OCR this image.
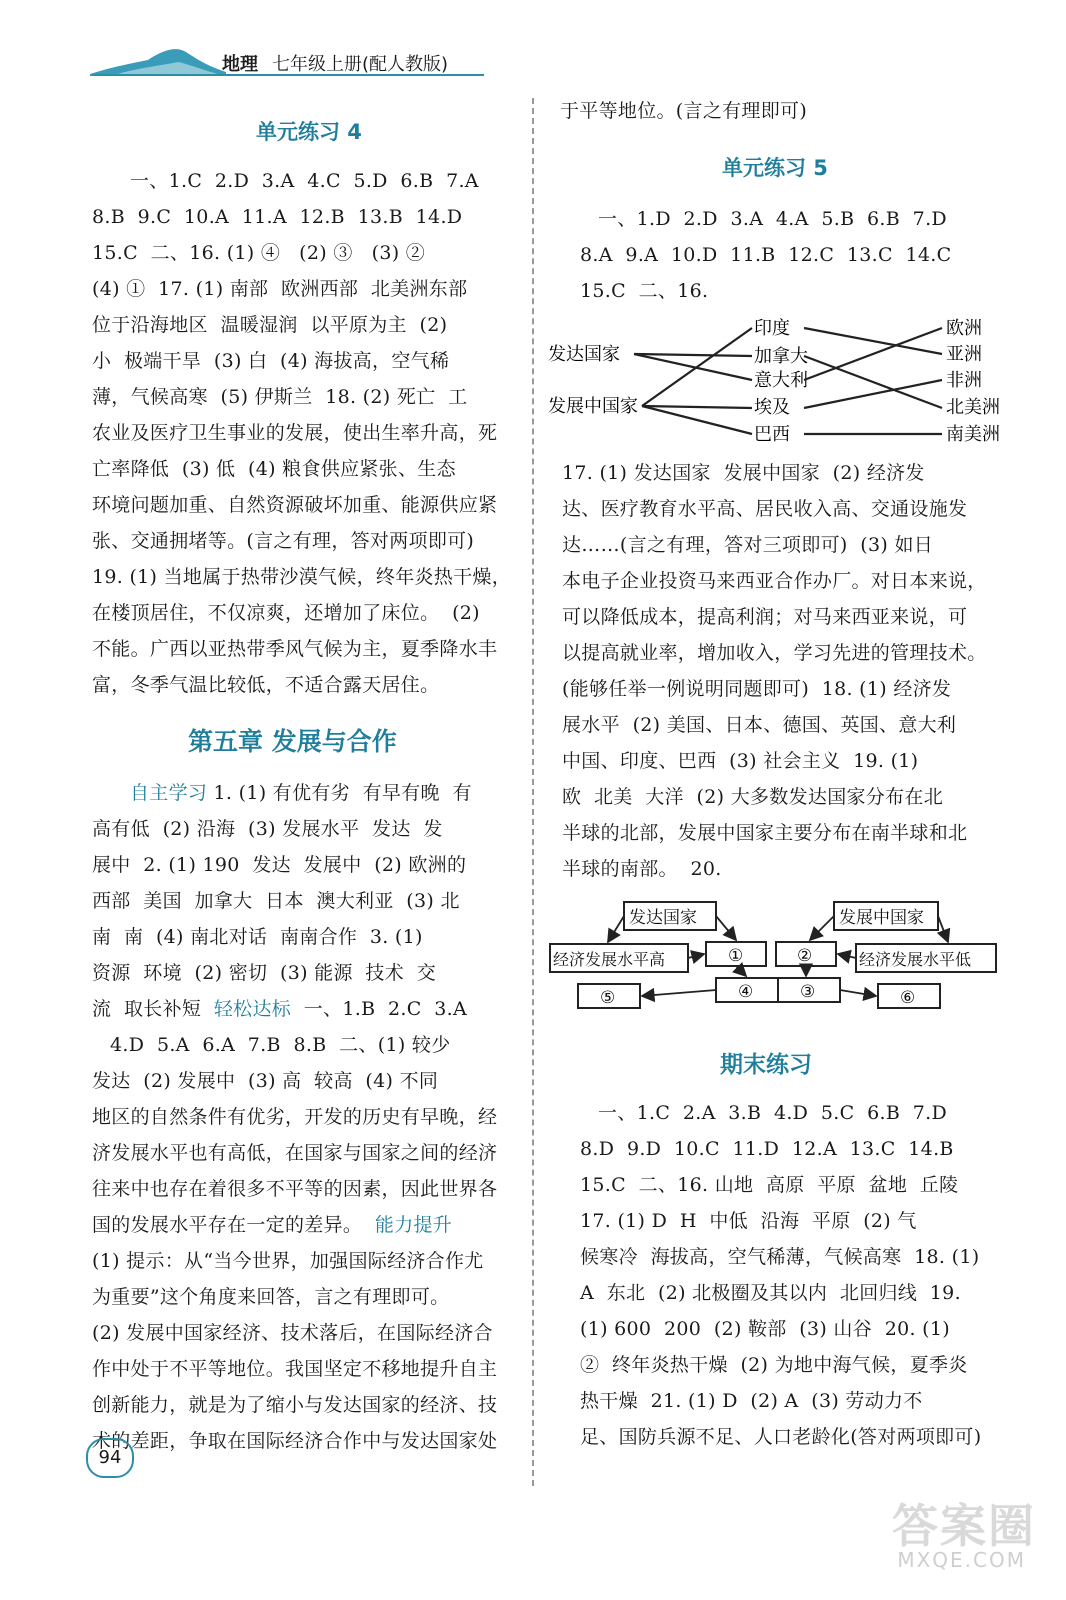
地理 七年级上册(配人教版)
单元练习 4
一、1.C  2.D  3.A  4.C  5.D  6.B  7.A
8.B  9.C  10.A  11.A  12.B  13.B  14.D
15.C  二、16. (1) ④   (2) ③   (3) ②
(4) ①  17. (1) 南部  欧洲西部  北美洲东部
位于沿海地区  温暖湿润  以平原为主  (2)
小  极端干旱  (3) 白  (4) 海拔高，空气稀
薄，气候高寒  (5) 伊斯兰  18. (2) 死亡  工
农业及医疗卫生事业的发展，使出生率升高，死
亡率降低  (3) 低  (4) 粮食供应紧张、生态
环境问题加重、自然资源破坏加重、能源供应紧
张、交通拥堵等。(言之有理，答对两项即可)
19. (1) 当地属于热带沙漠气候，终年炎热干燥，
在楼顶居住，不仅凉爽，还增加了床位。  (2)
不能。广西以亚热带季风气候为主，夏季降水丰
富，冬季气温比较低，不适合露天居住。
第五章 发展与合作
自主学习 1. (1) 有优有劣  有早有晚  有
高有低  (2) 沿海  (3) 发展水平  发达  发
展中  2. (1) 190  发达  发展中  (2) 欧洲的
西部  美国  加拿大  日本  澳大利亚  (3) 北
南  南  (4) 南北对话  南南合作  3. (1)
资源  环境  (2) 密切  (3) 能源  技术  交
流  取长补短  轻松达标  一、1.B  2.C  3.A
4.D  5.A  6.A  7.B  8.B  二、(1) 较少
发达  (2) 发展中  (3) 高  较高  (4) 不同
地区的自然条件有优劣，开发的历史有早晚，经
济发展水平也有高低，在国家与国家之间的经济
往来中也存在着很多不平等的因素，因此世界各
国的发展水平存在一定的差异。  能力提升
(1) 提示：从“当今世界，加强国际经济合作尤
为重要”这个角度来回答，言之有理即可。
(2) 发展中国家经济、技术落后，在国际经济合
作中处于不平等地位。我国坚定不移地提升自主
创新能力，就是为了缩小与发达国家的经济、技
术的差距，争取在国际经济合作中与发达国家处
于平等地位。(言之有理即可)
单元练习 5
一、1.D  2.D  3.A  4.A  5.B  6.B  7.D
8.A  9.A  10.D  11.B  12.C  13.C  14.C
15.C  二、16.
发达国家
发展中国家
印度
加拿大
意大利
埃及
巴西
欧洲
亚洲
非洲
北美洲
南美洲
17. (1) 发达国家  发展中国家  (2) 经济发
达、医疗教育水平高、居民收入高、交通设施发
达……(言之有理，答对三项即可)  (3) 如日
本电子企业投资马来西亚合作办厂。对日本来说，
可以降低成本，提高利润；对马来西亚来说，可
以提高就业率，增加收入，学习先进的管理技术。
(能够任举一例说明同题即可)  18. (1) 经济发
展水平  (2) 美国、日本、德国、英国、意大利
中国、印度、巴西  (3) 社会主义  19. (1)
欧  北美  大洋  (2) 大多数发达国家分布在北
半球的北部，发展中国家主要分布在南半球和北
半球的南部。  20.
发达国家	发展中国家
经济发展水平高	经济发展水平低
①	②
④	③
⑤	⑥
期末练习
一、1.C  2.A  3.B  4.D  5.C  6.B  7.D
8.D  9.D  10.C  11.D  12.A  13.C  14.B
15.C  二、16. 山地  高原  平原  盆地  丘陵
17. (1) D  H  中低  沿海  平原  (2) 气
候寒冷  海拔高，空气稀薄，气候高寒  18. (1)
A  东北  (2) 北极圈及其以内  北回归线  19.
(1) 600  200  (2) 鞍部  (3) 山谷  20. (1)
②  终年炎热干燥  (2) 为地中海气候，夏季炎
热干燥  21. (1) D  (2) A  (3) 劳动力不
足、国防兵源不足、人口老龄化(答对两项即可)
94
答案圈
MXQE.COM
